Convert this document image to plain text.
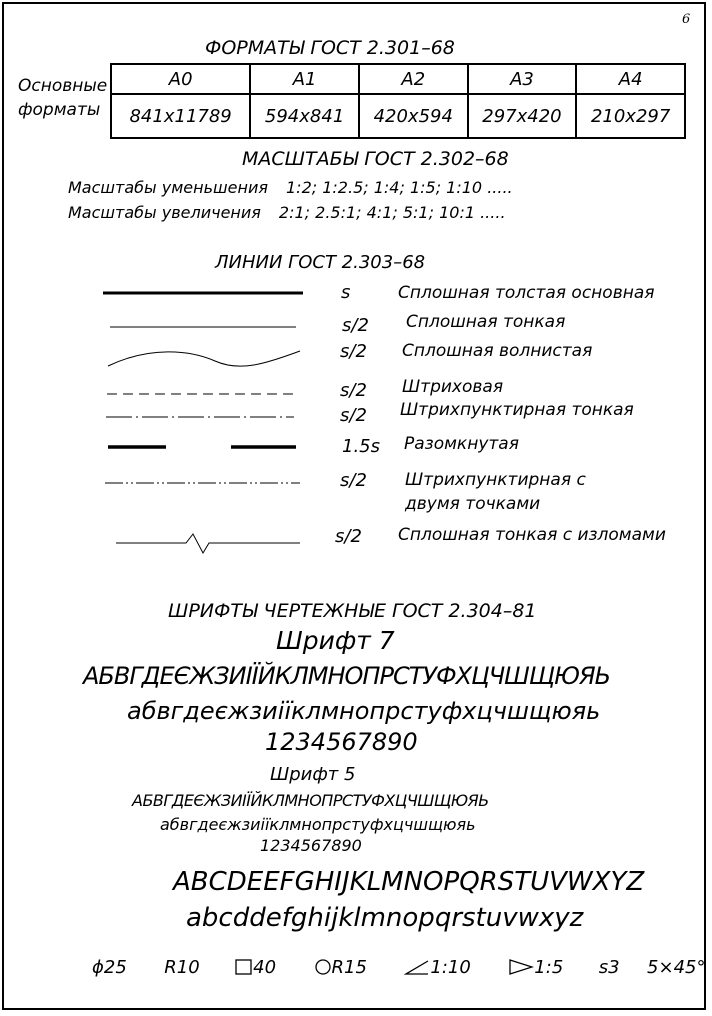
6
ФОРМАТЫ ГОСТ 2.301–68
Основные
форматы
А0	А1	А2	А3	А4
841х11789	594х841	420х594	297х420	210х297
МАСШТАБЫ ГОСТ 2.302–68
Масштабы уменьшения 1:2; 1:2.5; 1:4; 1:5; 1:10 .....
Масштабы увеличения 2:1; 2.5:1; 4:1; 5:1; 10:1 .....
ЛИНИИ ГОСТ 2.303–68
s	Сплошная толстая основная
s/2 Сплошная тонкая
s/2 Сплошная волнистая
s/2 Штриховая
s/2 Штрихпунктирная тонкая
1.5s Разомкнутая
s/2 Штрихпунктирная с
двумя точками
s/2 Сплошная тонкая с изломами
ШРИФТЫ ЧЕРТЕЖНЫЕ ГОСТ 2.304–81
Шрифт 7
АБВГДЕЄЖЗИІЇЙКЛМНОПРСТУФХЦЧШЩЮЯЬ
абвгдеєжзиіїклмнопрстуфхцчшщюяь
1234567890
Шрифт 5
АБВГДЕЄЖЗИІЇЙКЛМНОПРСТУФХЦЧШЩЮЯЬ
абвгдеєжзиіїклмнопрстуфхцчшщюяь
1234567890
ABCDEEFGHIJKLMNOPQRSTUVWXYZ
abcddefghijklmnopqrstuvwxyz
ϕ25 R10	40	R15	1:10	1:5 s3 5×45°
